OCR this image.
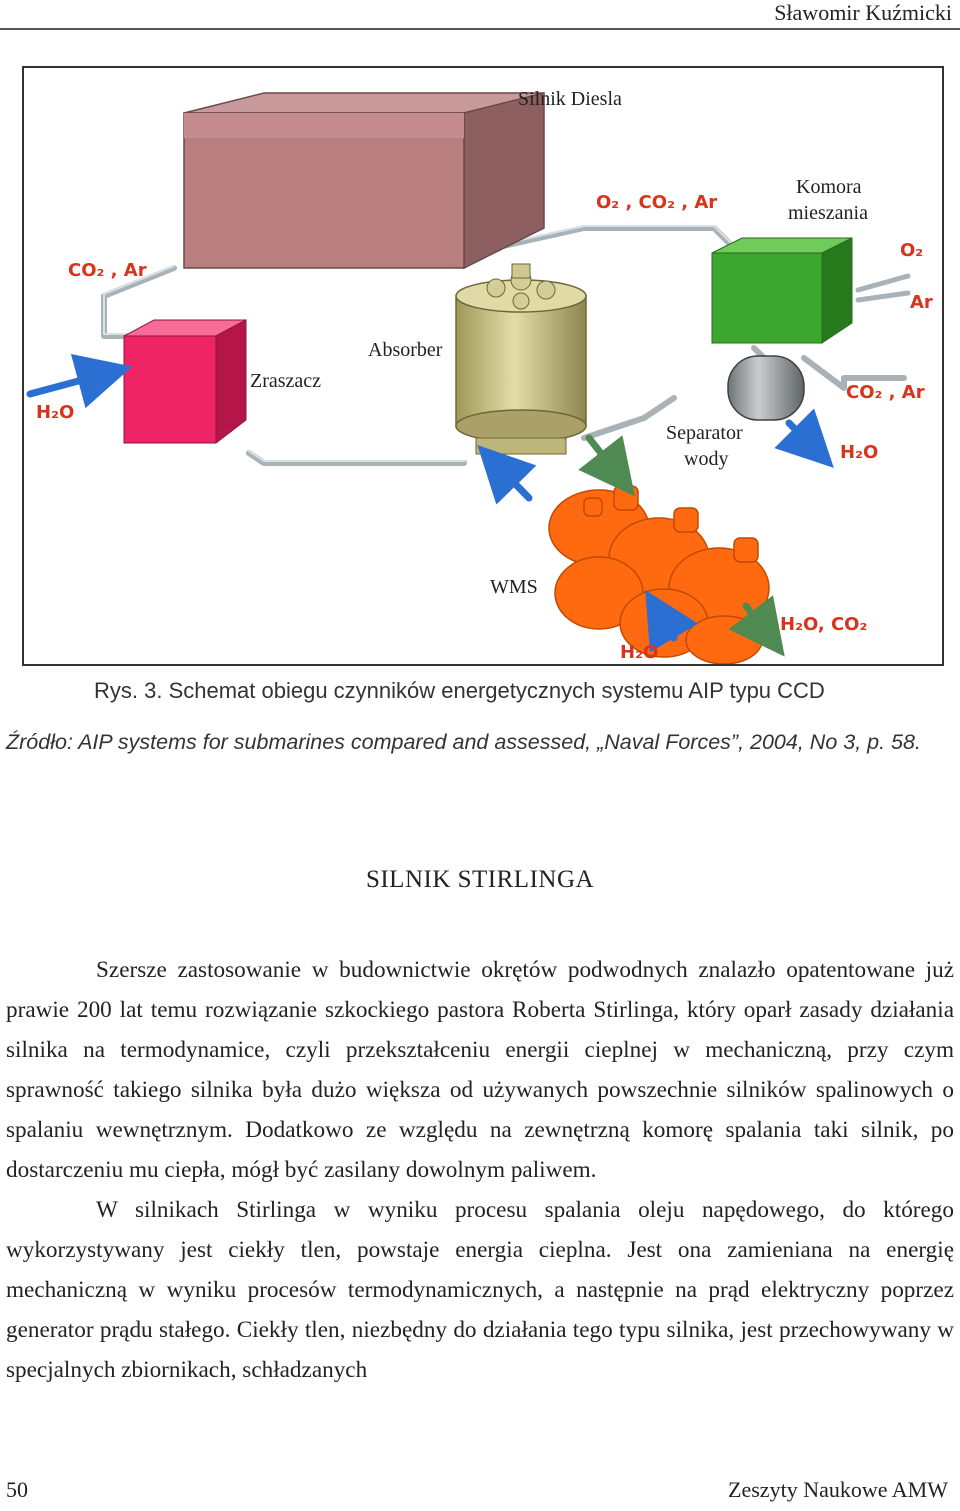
Sławomir Kuźmicki
CO₂ , Ar
O₂ , CO₂ , Ar
O₂
Ar
H₂O
CO₂ , Ar
H₂O
H₂O
H₂O, CO₂
Silnik Diesla
Komora
mieszania
Zraszacz
Absorber
Separator
wody
WMS
Rys. 3. Schemat obiegu czynników energetycznych systemu AIP typu CCD
Źródło: AIP systems for submarines compared and assessed, „Naval Forces”, 2004, No 3, p. 58.
SILNIK STIRLINGA

Szersze zastosowanie w budownictwie okrętów podwodnych znalazło opatentowane już prawie 200 lat temu rozwiązanie szkockiego pastora Roberta Stirlinga, który oparł zasady działania silnika na termodynamice, czyli przekształceniu energii cieplnej w mechaniczną, przy czym sprawność takiego silnika była dużo większa od używanych powszechnie silników spalinowych o spalaniu wewnętrznym. Dodatkowo ze względu na zewnętrzną komorę spalania taki silnik, po dostarczeniu mu ciepła, mógł być zasilany dowolnym paliwem.

W silnikach Stirlinga w wyniku procesu spalania oleju napędowego, do którego wykorzystywany jest ciekły tlen, powstaje energia cieplna. Jest ona zamieniana na energię mechaniczną w wyniku procesów termodynamicznych, a następnie na prąd elektryczny poprzez generator prądu stałego. Ciekły tlen, niezbędny do działania tego typu silnika, jest przechowywany w specjalnych zbiornikach, schładzanych

50	Zeszyty Naukowe AMW
